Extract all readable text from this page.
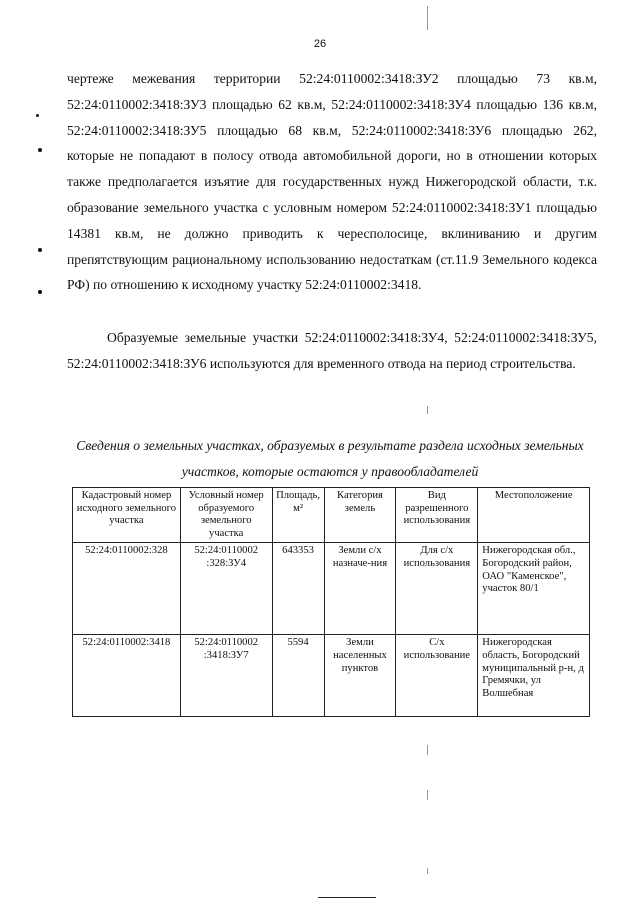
26
чертеже межевания территории 52:24:0110002:3418:ЗУ2 площадью 73 кв.м, 52:24:0110002:3418:ЗУ3 площадью 62 кв.м, 52:24:0110002:3418:ЗУ4 площадью 136 кв.м, 52:24:0110002:3418:ЗУ5 площадью 68 кв.м, 52:24:0110002:3418:ЗУ6 площадью 262, которые не попадают в полосу отвода автомобильной дороги, но в отношении которых также предполагается изъятие для государственных нужд Нижегородской области, т.к. образование земельного участка с условным номером 52:24:0110002:3418:ЗУ1 площадью 14381 кв.м, не должно приводить к чересполосице, вклиниванию и другим препятствующим рациональному использованию недостаткам (ст.11.9 Земельного кодекса РФ) по отношению к исходному участку 52:24:0110002:3418.
Образуемые земельные участки 52:24:0110002:3418:ЗУ4, 52:24:0110002:3418:ЗУ5, 52:24:0110002:3418:ЗУ6 используются для временного отвода на период строительства.
Сведения о земельных участках, образуемых в результате раздела исходных земельных участков, которые остаются у правообладателей
Кадастровый номер исходного земельного участка	Условный номер образуемого земельного участка	Площадь, м²	Категория земель	Вид разрешенного использования	Местоположение
52:24:0110002:328	52:24:0110002 :328:ЗУ4	643353	Земли с/х назначе-ния	Для с/х использования	Нижегородская обл., Богородский район, ОАО "Каменское", участок 80/1
52:24:0110002:3418	52:24:0110002 :3418:ЗУ7	5594	Земли населенных пунктов	С/х использование	Нижегородская область, Богородский муниципальный р-н, д Гремячки, ул Волшебная
